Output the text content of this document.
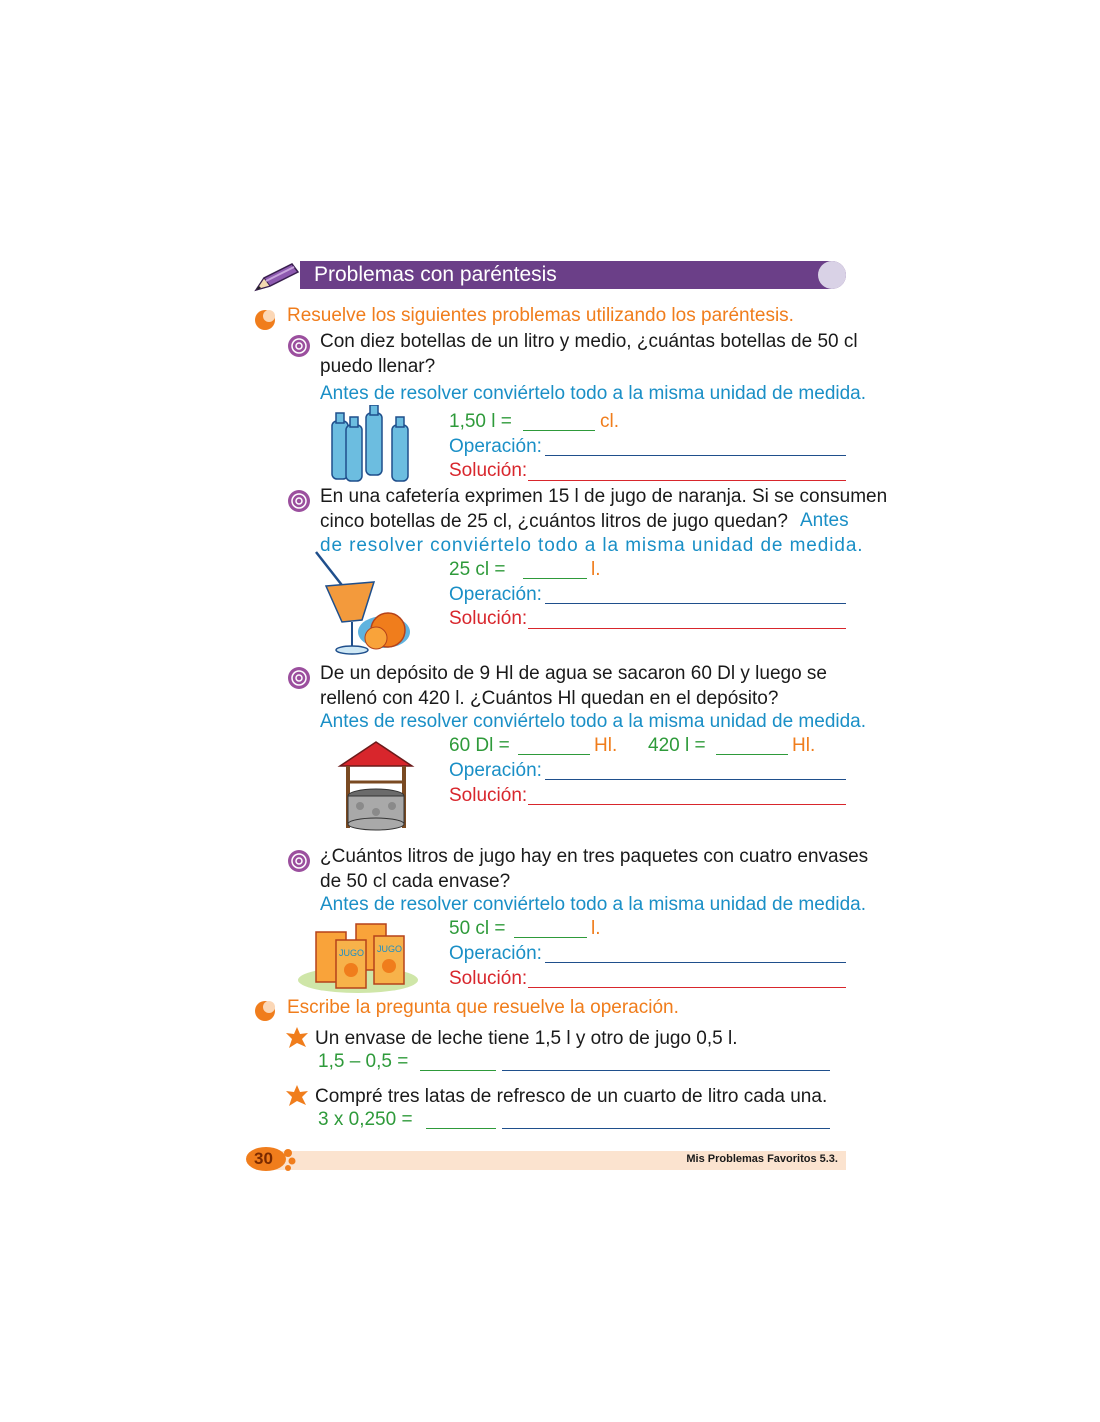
Problemas con paréntesis
Resuelve los siguientes problemas utilizando los paréntesis.
Con diez botellas de un litro y medio, ¿cuántas botellas de 50 cl
puedo llenar?
Antes de resolver conviértelo todo a la misma unidad de medida.
1,50 l =	cl.
Operación:
Solución:
En una cafetería exprimen 15 l de jugo de naranja. Si se consumen
cinco botellas de 25 cl, ¿cuántos litros de jugo quedan? Antes
de resolver conviértelo todo a la misma unidad de medida.
25 cl =	l.
Operación:
Solución:
De un depósito de 9 Hl de agua se sacaron 60 Dl y luego se
rellenó con 420 l. ¿Cuántos Hl quedan en el depósito?
Antes de resolver conviértelo todo a la misma unidad de medida.
60 Dl =	Hl. 420 l =	Hl.
Operación:
Solución:
¿Cuántos litros de jugo hay en tres paquetes con cuatro envases
de 50 cl cada envase?
Antes de resolver conviértelo todo a la misma unidad de medida.
JUGO JUGO
50 cl =	l.
Operación:
Solución:
Escribe la pregunta que resuelve la operación.
Un envase de leche tiene 1,5 l y otro de jugo 0,5 l.
1,5 – 0,5 =
Compré tres latas de refresco de un cuarto de litro cada una.
3 x 0,250 =
30	Mis Problemas Favoritos 5.3.
